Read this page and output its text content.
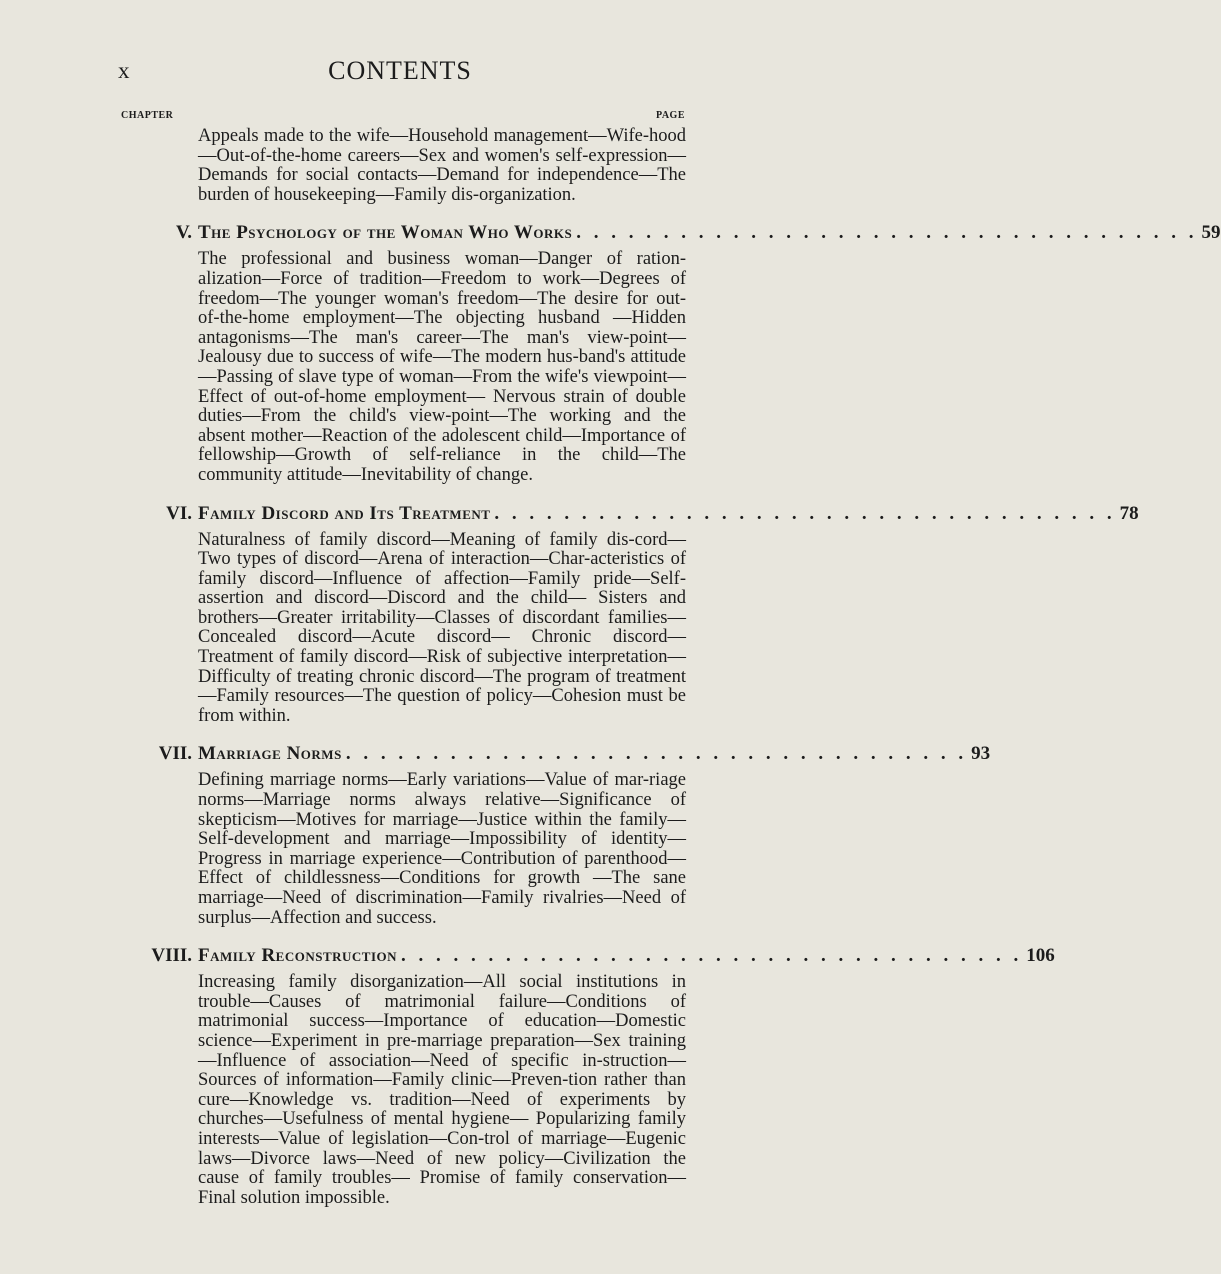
x	CONTENTS
CHAPTER	PAGE

Appeals made to the wife—Household management—Wife-hood—Out-of-the-home careers—Sex and women's self-expression—Demands for social contacts—Demand for independence—The burden of housekeeping—Family dis-organization.

V. The Psychology of the Woman Who Works . . . . . . . . . . . . . . . . . . . . . . . . . . . . . . . . . . . . 59

The professional and business woman—Danger of ration-alization—Force of tradition—Freedom to work—Degrees of freedom—The younger woman's freedom—The desire for out-of-the-home employment—The objecting husband —Hidden antagonisms—The man's career—The man's view-point—Jealousy due to success of wife—The modern hus-band's attitude—Passing of slave type of woman—From the wife's viewpoint—Effect of out-of-home employment— Nervous strain of double duties—From the child's view-point—The working and the absent mother—Reaction of the adolescent child—Importance of fellowship—Growth of self-reliance in the child—The community attitude—Inevitability of change.

VI. Family Discord and Its Treatment . . . . . . . . . . . . . . . . . . . . . . . . . . . . . . . . . . . . 78

Naturalness of family discord—Meaning of family dis-cord—Two types of discord—Arena of interaction—Char-acteristics of family discord—Influence of affection—Family pride—Self-assertion and discord—Discord and the child— Sisters and brothers—Greater irritability—Classes of discordant families—Concealed discord—Acute discord— Chronic discord—Treatment of family discord—Risk of subjective interpretation—Difficulty of treating chronic discord—The program of treatment—Family resources—The question of policy—Cohesion must be from within.

VII. Marriage Norms . . . . . . . . . . . . . . . . . . . . . . . . . . . . . . . . . . . . 93

Defining marriage norms—Early variations—Value of mar-riage norms—Marriage norms always relative—Significance of skepticism—Motives for marriage—Justice within the family—Self-development and marriage—Impossibility of identity—Progress in marriage experience—Contribution of parenthood—Effect of childlessness—Conditions for growth —The sane marriage—Need of discrimination—Family rivalries—Need of surplus—Affection and success.

VIII. Family Reconstruction . . . . . . . . . . . . . . . . . . . . . . . . . . . . . . . . . . . . 106

Increasing family disorganization—All social institutions in trouble—Causes of matrimonial failure—Conditions of matrimonial success—Importance of education—Domestic science—Experiment in pre-marriage preparation—Sex training—Influence of association—Need of specific in-struction—Sources of information—Family clinic—Preven-tion rather than cure—Knowledge vs. tradition—Need of experiments by churches—Usefulness of mental hygiene— Popularizing family interests—Value of legislation—Con-trol of marriage—Eugenic laws—Divorce laws—Need of new policy—Civilization the cause of family troubles— Promise of family conservation—Final solution impossible.
